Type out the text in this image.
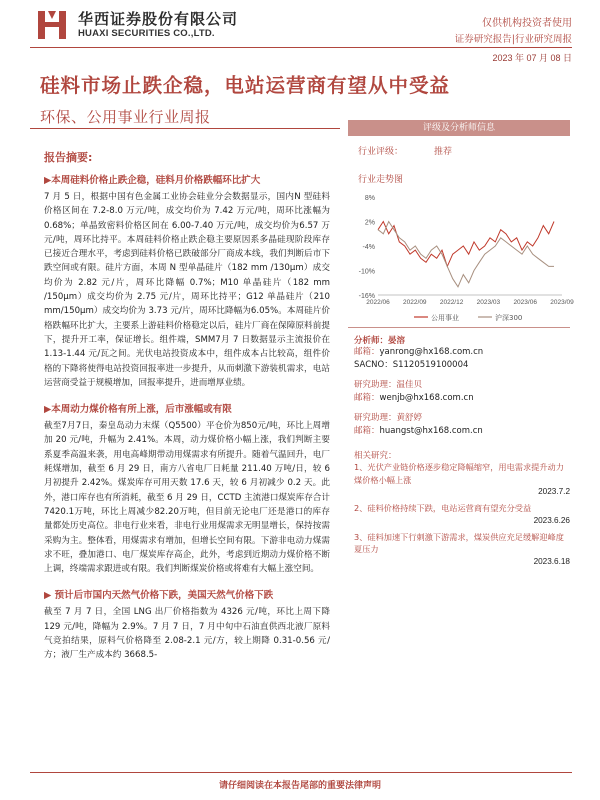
华西证券股份有限公司
HUAXI SECURITIES CO.,LTD.
仅供机构投资者使用
证券研究报告|行业研究周报
2023 年 07 月 08 日
硅料市场止跌企稳，电站运营商有望从中受益
环保、公用事业行业周报
报告摘要:
▶本周硅料价格止跌企稳，硅料月价格跌幅环比扩大
7 月 5 日，根据中国有色金属工业协会硅业分会数据显示，国内N 型硅料价格区间在 7.2-8.0 万元/吨，成交均价为 7.42 万元/吨，周环比涨幅为 0.68%；单晶致密料价格区间在 6.00-7.40 万元/吨，成交均价为6.57 万元/吨，周环比持平。本周硅料价格止跌企稳主要原因系多晶硅现阶段库存已接近合理水平，考虑到硅料价格已跌破部分厂商成本线，我们判断后市下跌空间或有限。硅片方面，本周 N 型单晶硅片（182 mm /130μm）成交均价为 2.82 元/片，周环比降幅 0.7%；M10 单晶硅片（182 mm /150μm）成交均价为 2.75 元/片，周环比持平；G12 单晶硅片（210 mm/150μm）成交均价为 3.73 元/片，周环比降幅为6.05%。本周硅片价格跌幅环比扩大，主要系上游硅料价格稳定以后，硅片厂商在保障原料前提下，提升开工率，保证增长。组件端，SMM7月 7 日数据显示主流报价在 1.13-1.44 元/瓦之间。光伏电站投资成本中，组件成本占比较高，组件价格的下降将使得电站投资回报率进一步提升，从而刺激下游装机需求，电站运营商受益于规模增加，回报率提升，进而增厚业绩。
▶本周动力煤价格有所上涨，后市涨幅或有限
截至7月7日，秦皇岛动力末煤（Q5500）平仓价为850元/吨，环比上周增加 20 元/吨，升幅为 2.41%。本周，动力煤价格小幅上涨，我们判断主要系夏季高温来袭，用电高峰期带动用煤需求有所提升。随着气温回升，电厂耗煤增加，截至 6 月 29 日，南方八省电厂日耗量 211.40 万吨/日，较 6 月初提升 2.42%。煤炭库存可用天数 17.6 天，较 6 月初减少 0.2 天。此外，港口库存也有所消耗，截至 6 月 29 日，CCTD 主流港口煤炭库存合计7420.1万吨，环比上周减少82.20万吨，但目前无论电厂还是港口的库存量都处历史高位。非电行业来看，非电行业用煤需求无明显增长，保持按需采购为主。整体看，用煤需求有增加，但增长空间有限。下游非电动力煤需求不旺，叠加港口、电厂煤炭库存高企，此外，考虑到近期动力煤价格不断上调，终端需求跟进或有限。我们判断煤炭价格或将难有大幅上涨空间。
▶ 预计后市国内天然气价格下跌，美国天然气价格下跌
截至 7 月 7 日，全国 LNG 出厂价格指数为 4326 元/吨，环比上周下降 129 元/吨，降幅为 2.9%。7 月 7 日，7 月中旬中石油直供西北液厂原料气竞拍结果，原料气价格降至 2.08-2.1 元/方，较上期降 0.31-0.56 元/方；液厂生产成本约 3668.5-
评级及分析师信息
行业评级：	推荐
行业走势图
8%
2%
-4%
-10%
-16%
2022/06 2022/09 2022/12 2023/03 2023/06 2023/09
公用事业	沪深300
分析师：晏溶
邮箱：yanrong@hx168.com.cn
SACNO：S1120519100004
研究助理：温佳贝
邮箱：wenjb@hx168.com.cn
研究助理：黄舒婷
邮箱：huangst@hx168.com.cn
相关研究：
1、光伏产业链价格逐步稳定降幅缩窄，用电需求提升动力煤价格小幅上涨
2023.7.2
2、硅料价格持续下跌，电站运营商有望充分受益
2023.6.26
3、硅料加速下行刺激下游需求，煤炭供应充足缓解迎峰度夏压力
2023.6.18
请仔细阅读在本报告尾部的重要法律声明
